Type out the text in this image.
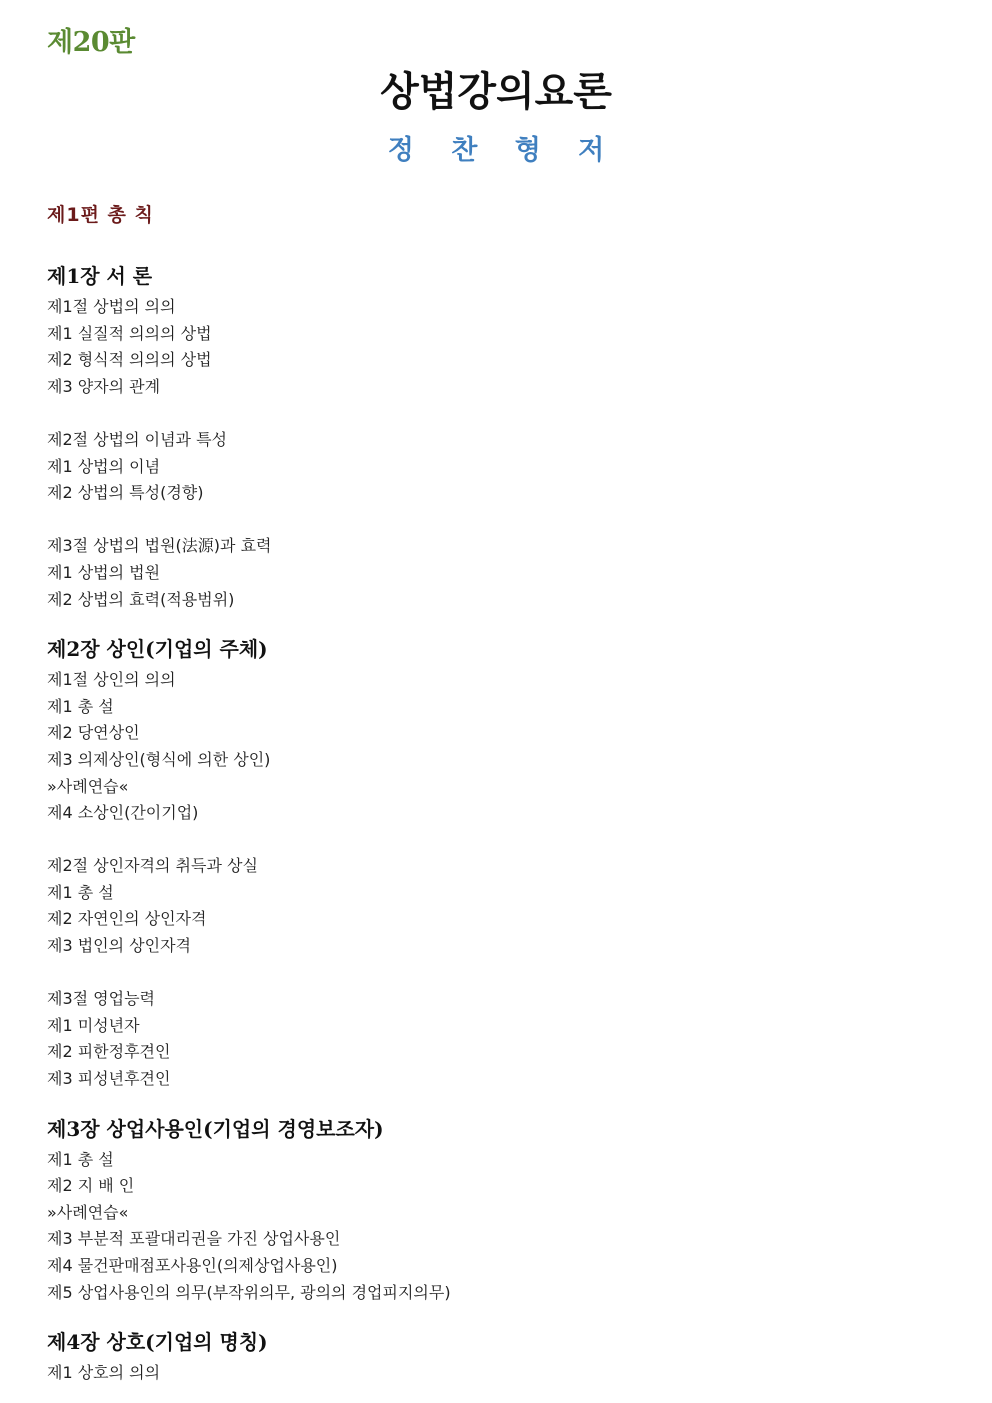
제20판
상법강의요론
정 찬 형 저
제1편 총 칙
제1장 서 론
제1절 상법의 의의
제1 실질적 의의의 상법
제2 형식적 의의의 상법
제3 양자의 관계
제2절 상법의 이념과 특성
제1 상법의 이념
제2 상법의 특성(경향)
제3절 상법의 법원(法源)과 효력
제1 상법의 법원
제2 상법의 효력(적용범위)
제2장 상인(기업의 주체)
제1절 상인의 의의
제1 총 설
제2 당연상인
제3 의제상인(형식에 의한 상인)
»사례연습«
제4 소상인(간이기업)
제2절 상인자격의 취득과 상실
제1 총 설
제2 자연인의 상인자격
제3 법인의 상인자격
제3절 영업능력
제1 미성년자
제2 피한정후견인
제3 피성년후견인
제3장 상업사용인(기업의 경영보조자)
제1 총 설
제2 지 배 인
»사례연습«
제3 부분적 포괄대리권을 가진 상업사용인
제4 물건판매점포사용인(의제상업사용인)
제5 상업사용인의 의무(부작위의무, 광의의 경업피지의무)
제4장 상호(기업의 명칭)
제1 상호의 의의
